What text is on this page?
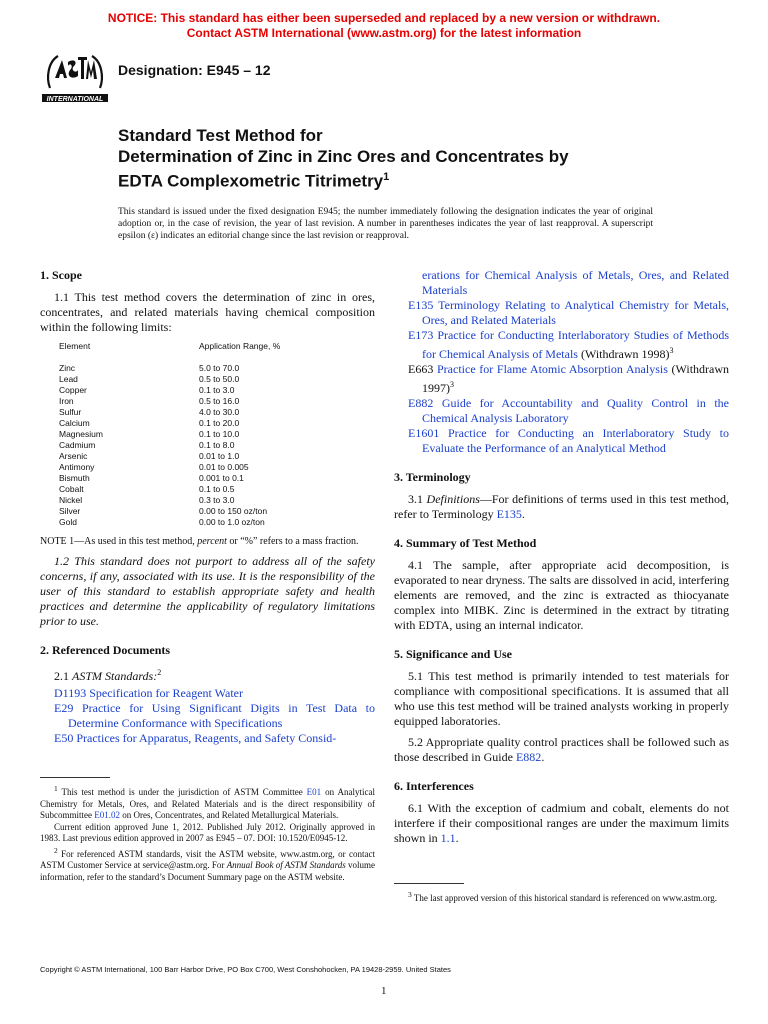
NOTICE: This standard has either been superseded and replaced by a new version or withdrawn.
Contact ASTM International (www.astm.org) for the latest information
INTERNATIONAL
Designation: E945 – 12
Standard Test Method for
Determination of Zinc in Zinc Ores and Concentrates by
EDTA Complexometric Titrimetry$^1$
This standard is issued under the fixed designation E945; the number immediately following the designation indicates the year of original adoption or, in the case of revision, the year of last revision. A number in parentheses indicates the year of last reapproval. A superscript epsilon (ε) indicates an editorial change since the last revision or reapproval.
1. Scope

1.1 This test method covers the determination of zinc in ores, concentrates, and related materials having chemical composition within the following limits:

Element	Application Range, %

Zinc	5.0 to 70.0
Lead	0.5 to 50.0
Copper	0.1 to 3.0
Iron	0.5 to 16.0
Sulfur	4.0 to 30.0
Calcium	0.1 to 20.0
Magnesium	0.1 to 10.0
Cadmium	0.1 to 8.0
Arsenic	0.01 to 1.0
Antimony	0.01 to 0.005
Bismuth	0.001 to 0.1
Cobalt	0.1 to 0.5
Nickel	0.3 to 3.0
Silver	0.00 to 150 oz/ton
Gold	0.00 to 1.0 oz/ton

NOTE 1—As used in this test method, percent or “%” refers to a mass fraction.

1.2 This standard does not purport to address all of the safety concerns, if any, associated with its use. It is the responsibility of the user of this standard to establish appropriate safety and health practices and determine the applicability of regulatory limitations prior to use.

2. Referenced Documents

2.1 ASTM Standards:$^2$

D1193 Specification for Reagent Water

E29 Practice for Using Significant Digits in Test Data to Determine Conformance with Specifications

E50 Practices for Apparatus, Reagents, and Safety Consid-

$^1$ This test method is under the jurisdiction of ASTM Committee E01 on Analytical Chemistry for Metals, Ores, and Related Materials and is the direct responsibility of Subcommittee E01.02 on Ores, Concentrates, and Related Metallurgical Materials.

Current edition approved June 1, 2012. Published July 2012. Originally approved in 1983. Last previous edition approved in 2007 as E945 – 07. DOI: 10.1520/E0945-12.

$^2$ For referenced ASTM standards, visit the ASTM website, www.astm.org, or contact ASTM Customer Service at service@astm.org. For Annual Book of ASTM Standards volume information, refer to the standard’s Document Summary page on the ASTM website.

erations for Chemical Analysis of Metals, Ores, and Related Materials

E135 Terminology Relating to Analytical Chemistry for Metals, Ores, and Related Materials

E173 Practice for Conducting Interlaboratory Studies of Methods for Chemical Analysis of Metals (Withdrawn 1998)$^3$

E663 Practice for Flame Atomic Absorption Analysis (Withdrawn 1997)$^3$

E882 Guide for Accountability and Quality Control in the Chemical Analysis Laboratory

E1601 Practice for Conducting an Interlaboratory Study to Evaluate the Performance of an Analytical Method

3. Terminology

3.1 Definitions—For definitions of terms used in this test method, refer to Terminology E135.

4. Summary of Test Method

4.1 The sample, after appropriate acid decomposition, is evaporated to near dryness. The salts are dissolved in acid, interfering elements are removed, and the zinc is extracted as thiocyanate complex into MIBK. Zinc is determined in the extract by titrating with EDTA, using an internal indicator.

5. Significance and Use

5.1 This test method is primarily intended to test materials for compliance with compositional specifications. It is assumed that all who use this test method will be trained analysts working in properly equipped laboratories.

5.2 Appropriate quality control practices shall be followed such as those described in Guide E882.

6. Interferences

6.1 With the exception of cadmium and cobalt, elements do not interfere if their compositional ranges are under the maximum limits shown in 1.1.

$^3$ The last approved version of this historical standard is referenced on www.astm.org.

Copyright © ASTM International, 100 Barr Harbor Drive, PO Box C700, West Conshohocken, PA 19428-2959. United States
1
